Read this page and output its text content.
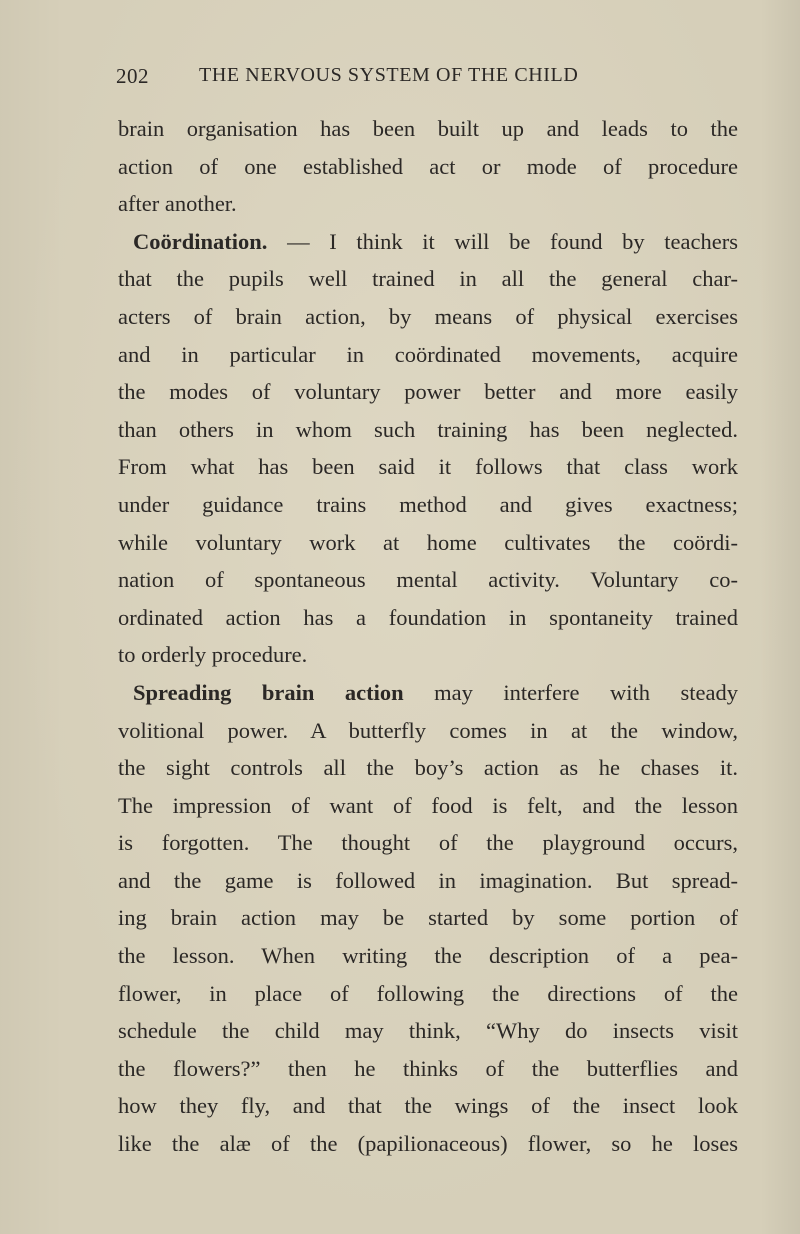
202	THE NERVOUS SYSTEM OF THE CHILD
brain organisation has been built up and leads to the
action of one established act or mode of procedure
after another.
Coördination. — I think it will be found by teachers
that the pupils well trained in all the general char-
acters of brain action, by means of physical exercises
and in particular in coördinated movements, acquire
the modes of voluntary power better and more easily
than others in whom such training has been neglected.
From what has been said it follows that class work
under guidance trains method and gives exactness;
while voluntary work at home cultivates the coördi-
nation of spontaneous mental activity. Voluntary co-
ordinated action has a foundation in spontaneity trained
to orderly procedure.
Spreading brain action may interfere with steady
volitional power. A butterfly comes in at the window,
the sight controls all the boy’s action as he chases it.
The impression of want of food is felt, and the lesson
is forgotten. The thought of the playground occurs,
and the game is followed in imagination. But spread-
ing brain action may be started by some portion of
the lesson. When writing the description of a pea-
flower, in place of following the directions of the
schedule the child may think, “Why do insects visit
the flowers?” then he thinks of the butterflies and
how they fly, and that the wings of the insect look
like the alæ of the (papilionaceous) flower, so he loses
